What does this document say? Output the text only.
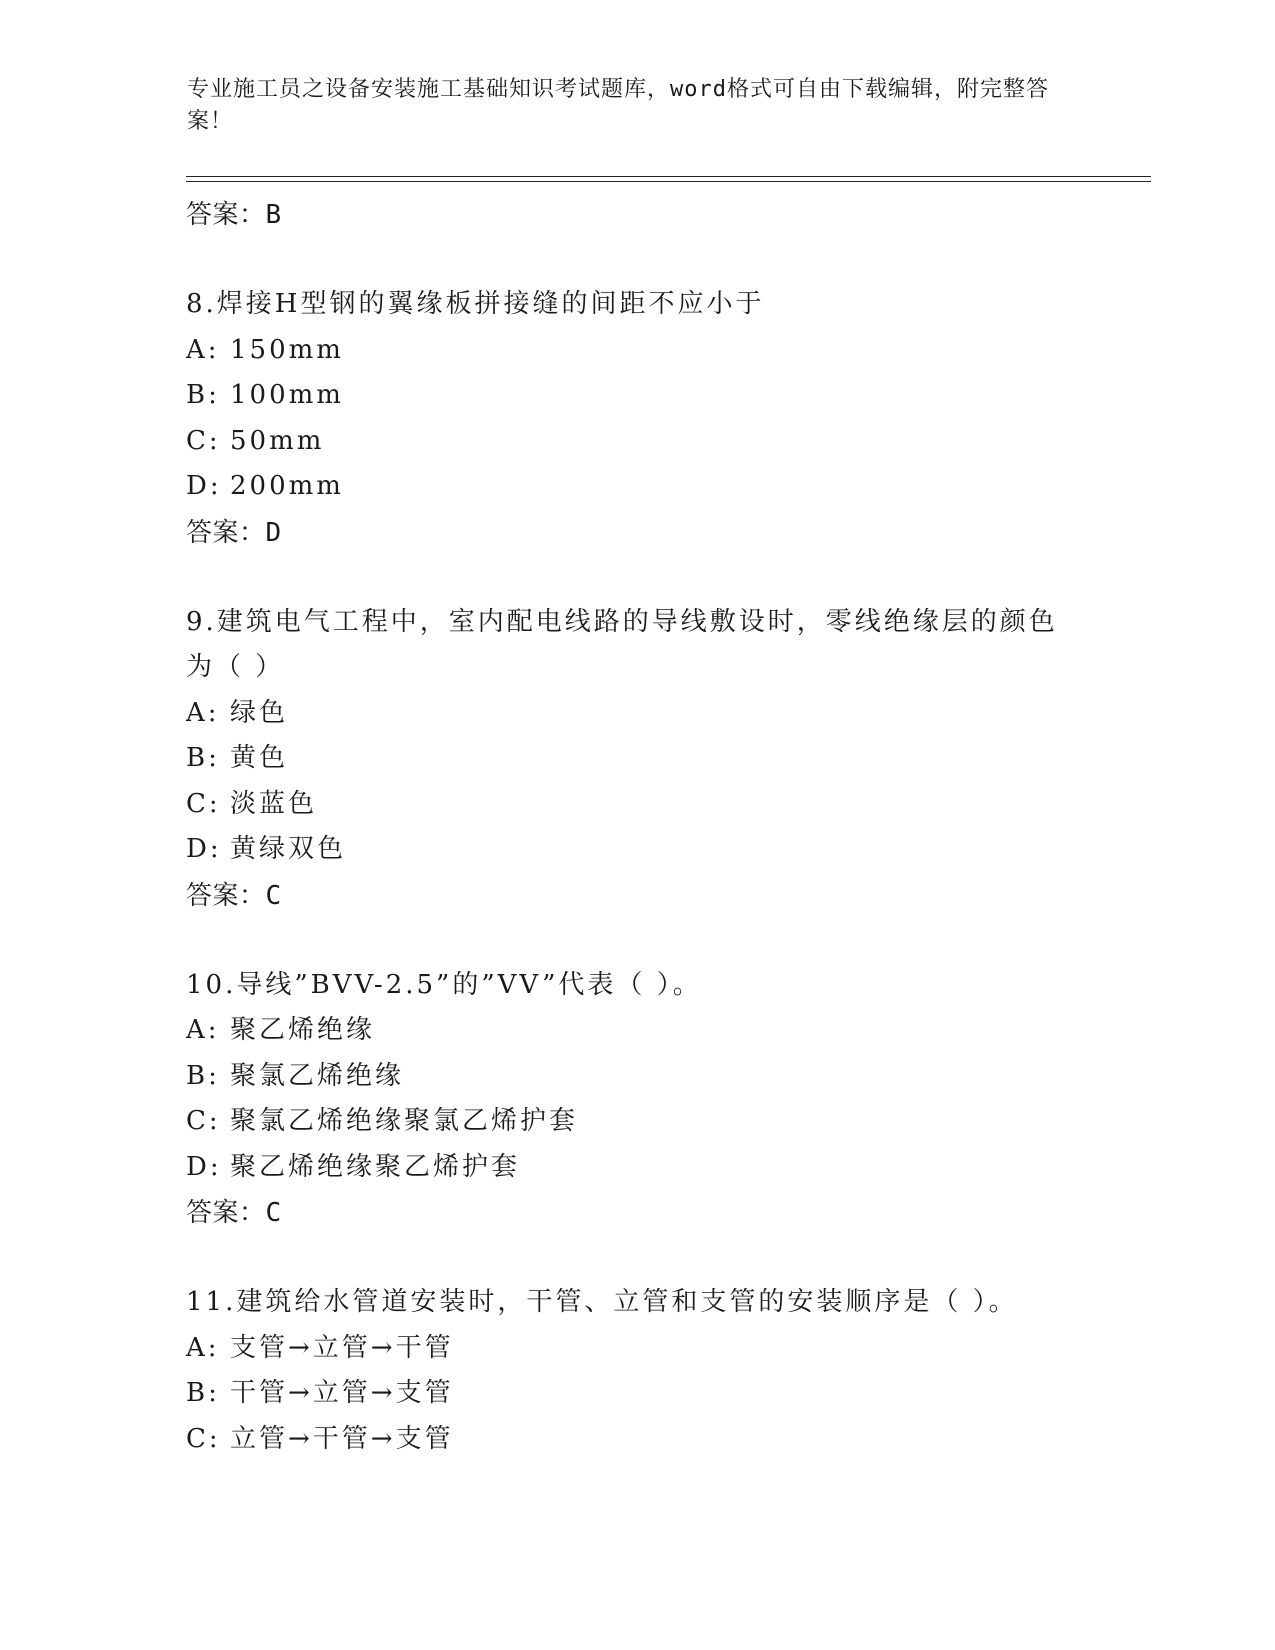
专业施工员之设备安装施工基础知识考试题库，word格式可自由下载编辑，附完整答案！
答案：B
8.焊接H型钢的翼缘板拼接缝的间距不应小于
A: 150mm
B: 100mm
C: 50mm
D: 200mm
答案：D
9.建筑电气工程中，室内配电线路的导线敷设时，零线绝缘层的颜色为（ ）
A: 绿色
B: 黄色
C: 淡蓝色
D: 黄绿双色
答案：C
10.导线”BVV-2.5”的”VV”代表（ ）。
A: 聚乙烯绝缘
B: 聚氯乙烯绝缘
C: 聚氯乙烯绝缘聚氯乙烯护套
D: 聚乙烯绝缘聚乙烯护套
答案：C
11.建筑给水管道安装时，干管、立管和支管的安装顺序是（ ）。
A: 支管→立管→干管
B: 干管→立管→支管
C: 立管→干管→支管
